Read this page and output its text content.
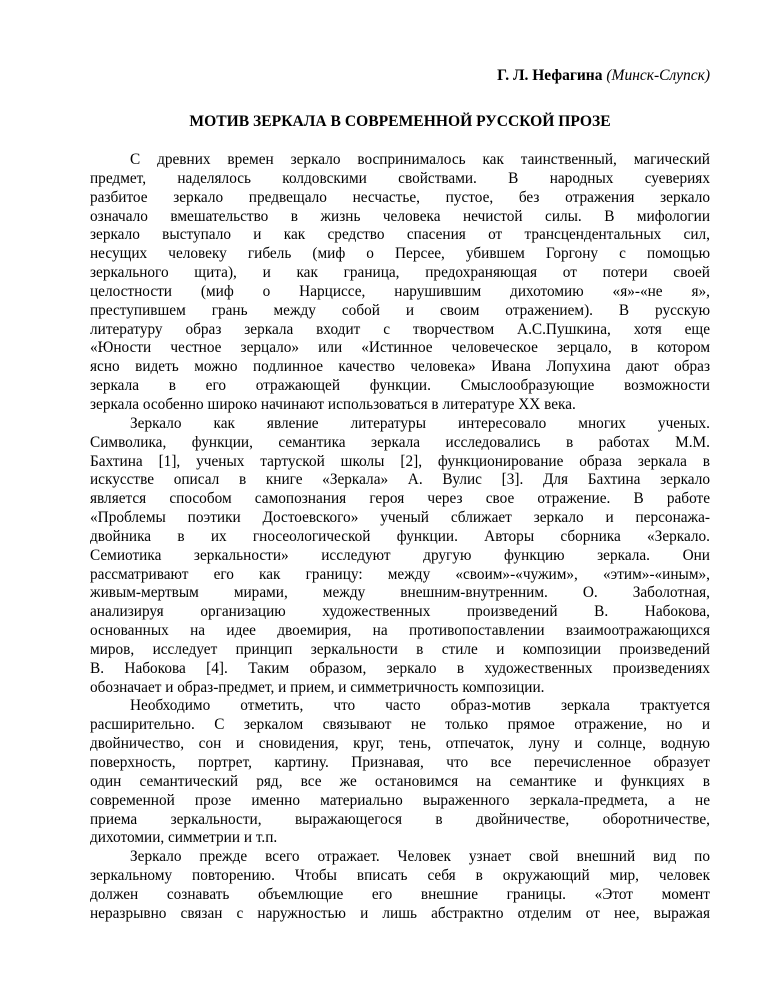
Г. Л. Нефагина (Минск-Слупск)
МОТИВ ЗЕРКАЛА В СОВРЕМЕННОЙ РУССКОЙ ПРОЗЕ
С древних времен зеркало воспринималось как таинственный, магический
предмет, наделялось колдовскими свойствами. В народных суевериях
разбитое зеркало предвещало несчастье, пустое, без отражения зеркало
означало вмешательство в жизнь человека нечистой силы. В мифологии
зеркало выступало и как средство спасения от трансцендентальных сил,
несущих человеку гибель (миф о Персее, убившем Горгону с помощью
зеркального щита), и как граница, предохраняющая от потери своей
целостности (миф о Нарциссе, нарушившим дихотомию «я»-«не я»,
преступившем грань между собой и своим отражением). В русскую
литературу образ зеркала входит с творчеством А.С.Пушкина, хотя еще
«Юности честное зерцало» или «Истинное человеческое зерцало, в котором
ясно видеть можно подлинное качество человека» Ивана Лопухина дают образ
зеркала в его отражающей функции. Смыслообразующие возможности
зеркала особенно широко начинают использоваться в литературе XX века.
Зеркало как явление литературы интересовало многих ученых.
Символика, функции, семантика зеркала исследовались в работах М.М.
Бахтина [1], ученых тартуской школы [2], функционирование образа зеркала в
искусстве описал в книге «Зеркала» А. Вулис [3]. Для Бахтина зеркало
является способом самопознания героя через свое отражение. В работе
«Проблемы поэтики Достоевского» ученый сближает зеркало и персонажа-
двойника в их гносеологической функции. Авторы сборника «Зеркало.
Семиотика зеркальности» исследуют другую функцию зеркала. Они
рассматривают его как границу: между «своим»-«чужим», «этим»-«иным»,
живым-мертвым мирами, между внешним-внутренним. О. Заболотная,
анализируя организацию художественных произведений В. Набокова,
основанных на идее двоемирия, на противопоставлении взаимоотражающихся
миров, исследует принцип зеркальности в стиле и композиции произведений
В. Набокова [4]. Таким образом, зеркало в художественных произведениях
обозначает и образ-предмет, и прием, и симметричность композиции.
Необходимо отметить, что часто образ-мотив зеркала трактуется
расширительно. С зеркалом связывают не только прямое отражение, но и
двойничество, сон и сновидения, круг, тень, отпечаток, луну и солнце, водную
поверхность, портрет, картину. Признавая, что все перечисленное образует
один семантический ряд, все же остановимся на семантике и функциях в
современной прозе именно материально выраженного зеркала-предмета, а не
приема зеркальности, выражающегося в двойничестве, оборотничестве,
дихотомии, симметрии и т.п.
Зеркало прежде всего отражает. Человек узнает свой внешний вид по
зеркальному повторению. Чтобы вписать себя в окружающий мир, человек
должен сознавать объемлющие его внешние границы. «Этот момент
неразрывно связан с наружностью и лишь абстрактно отделим от нее, выражая
